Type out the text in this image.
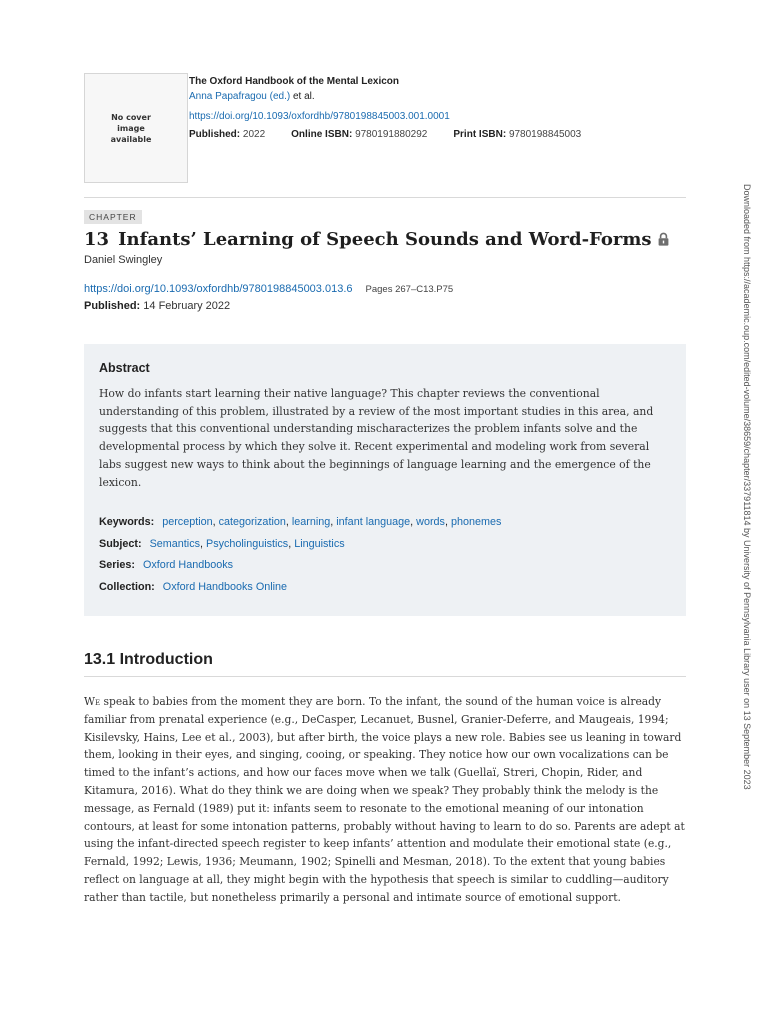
No cover
image
available
The Oxford Handbook of the Mental Lexicon
Anna Papafragou (ed.) et al.
https://doi.org/10.1093/oxfordhb/9780198845003.001.0001
Published: 2022	Online ISBN: 9780191880292	Print ISBN: 9780198845003
CHAPTER
13 Infants’ Learning of Speech Sounds and Word-Forms
Daniel Swingley
https://doi.org/10.1093/oxfordhb/9780198845003.013.6 Pages 267–C13.P75
Published: 14 February 2022
Abstract

How do infants start learning their native language? This chapter reviews the conventional understanding of this problem, illustrated by a review of the most important studies in this area, and suggests that this conventional understanding mischaracterizes the problem infants solve and the developmental process by which they solve it. Recent experimental and modeling work from several labs suggest new ways to think about the beginnings of language learning and the emergence of the lexicon.

Keywords: perception, categorization, learning, infant language, words, phonemes
Subject: Semantics, Psycholinguistics, Linguistics
Series: Oxford Handbooks
Collection: Oxford Handbooks Online
13.1 Introduction

We speak to babies from the moment they are born. To the infant, the sound of the human voice is already familiar from prenatal experience (e.g., DeCasper, Lecanuet, Busnel, Granier-Deferre, and Maugeais, 1994; Kisilevsky, Hains, Lee et al., 2003), but after birth, the voice plays a new role. Babies see us leaning in toward them, looking in their eyes, and singing, cooing, or speaking. They notice how our own vocalizations can be timed to the infant’s actions, and how our faces move when we talk (Guellaï, Streri, Chopin, Rider, and Kitamura, 2016). What do they think we are doing when we speak? They probably think the melody is the message, as Fernald (1989) put it: infants seem to resonate to the emotional meaning of our intonation contours, at least for some intonation patterns, probably without having to learn to do so. Parents are adept at using the infant-directed speech register to keep infants’ attention and modulate their emotional state (e.g., Fernald, 1992; Lewis, 1936; Meumann, 1902; Spinelli and Mesman, 2018). To the extent that young babies reflect on language at all, they might begin with the hypothesis that speech is similar to cuddling—auditory rather than tactile, but nonetheless primarily a personal and intimate source of emotional support.

Downloaded from https://academic.oup.com/edited-volume/38659/chapter/337911814 by University of Pennsylvania Library user on 13 September 2023
